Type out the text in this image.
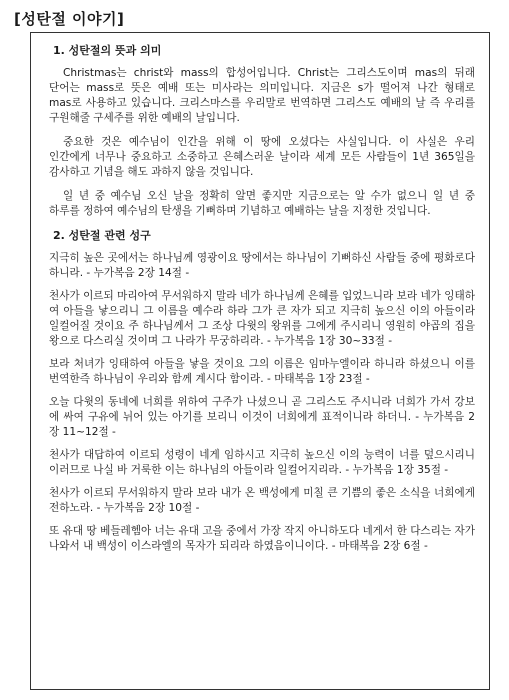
[성탄절 이야기]
1. 성탄절의 뜻과 의미

Christmas는 christ와 mass의 합성어입니다. Christ는 그리스도이며 mas의 뒤래 단어는 mass로 뜻은 예배 또는 미사라는 의미입니다. 지금은 s가 떨어져 나간 형태로 mas로 사용하고 있습니다. 크리스마스를 우리말로 번역하면 그리스도 예배의 날 즉 우리를 구원해줄 구세주를 위한 예배의 날입니다.

중요한 것은 예수님이 인간을 위해 이 땅에 오셨다는 사실입니다. 이 사실은 우리 인간에게 너무나 중요하고 소중하고 은혜스러운 날이라 세계 모든 사람들이 1년 365일을 감사하고 기념을 해도 과하지 않을 것입니다.

일 년 중 예수님 오신 날을 정확히 알면 좋지만 지금으로는 알 수가 없으니 일 년 중 하루를 정하여 예수님의 탄생을 기뻐하며 기념하고 예배하는 날을 지정한 것입니다.

2. 성탄절 관련 성구

지극히 높은 곳에서는 하나님께 영광이요 땅에서는 하나님이 기뻐하신 사람들 중에 평화로다 하니라. - 누가복음 2장 14절 -

천사가 이르되 마리아여 무서워하지 말라 네가 하나님께 은혜를 입었느니라 보라 네가 잉태하여 아들을 낳으리니 그 이름을 예수라 하라 그가 큰 자가 되고 지극히 높으신 이의 아들이라 일컬어질 것이요 주 하나님께서 그 조상 다윗의 왕위를 그에게 주시리니 영원히 야곱의 집을 왕으로 다스리실 것이며 그 나라가 무궁하리라. - 누가복음 1장 30~33절 -

보라 처녀가 잉태하여 아들을 낳을 것이요 그의 이름은 임마누엘이라 하니라 하셨으니 이를 번역한즉 하나님이 우리와 함께 계시다 함이라. - 마태복음 1장 23절 -

오늘 다윗의 동네에 너희를 위하여 구주가 나셨으니 곧 그리스도 주시니라 너희가 가서 강보에 싸여 구유에 뉘어 있는 아기를 보리니 이것이 너희에게 표적이니라 하더니. - 누가복음 2장 11~12절 -

천사가 대답하여 이르되 성령이 네게 임하시고 지극히 높으신 이의 능력이 너를 덮으시리니 이러므로 나실 바 거룩한 이는 하나님의 아들이라 일컬어지리라. - 누가복음 1장 35절 -

천사가 이르되 무서워하지 말라 보라 내가 온 백성에게 미칠 큰 기쁨의 좋은 소식을 너희에게 전하노라. - 누가복음 2장 10절 -

또 유대 땅 베들레헴아 너는 유대 고을 중에서 가장 작지 아니하도다 네게서 한 다스리는 자가 나와서 내 백성이 이스라엘의 목자가 되리라 하였음이니이다. - 마태복음 2장 6절 -
